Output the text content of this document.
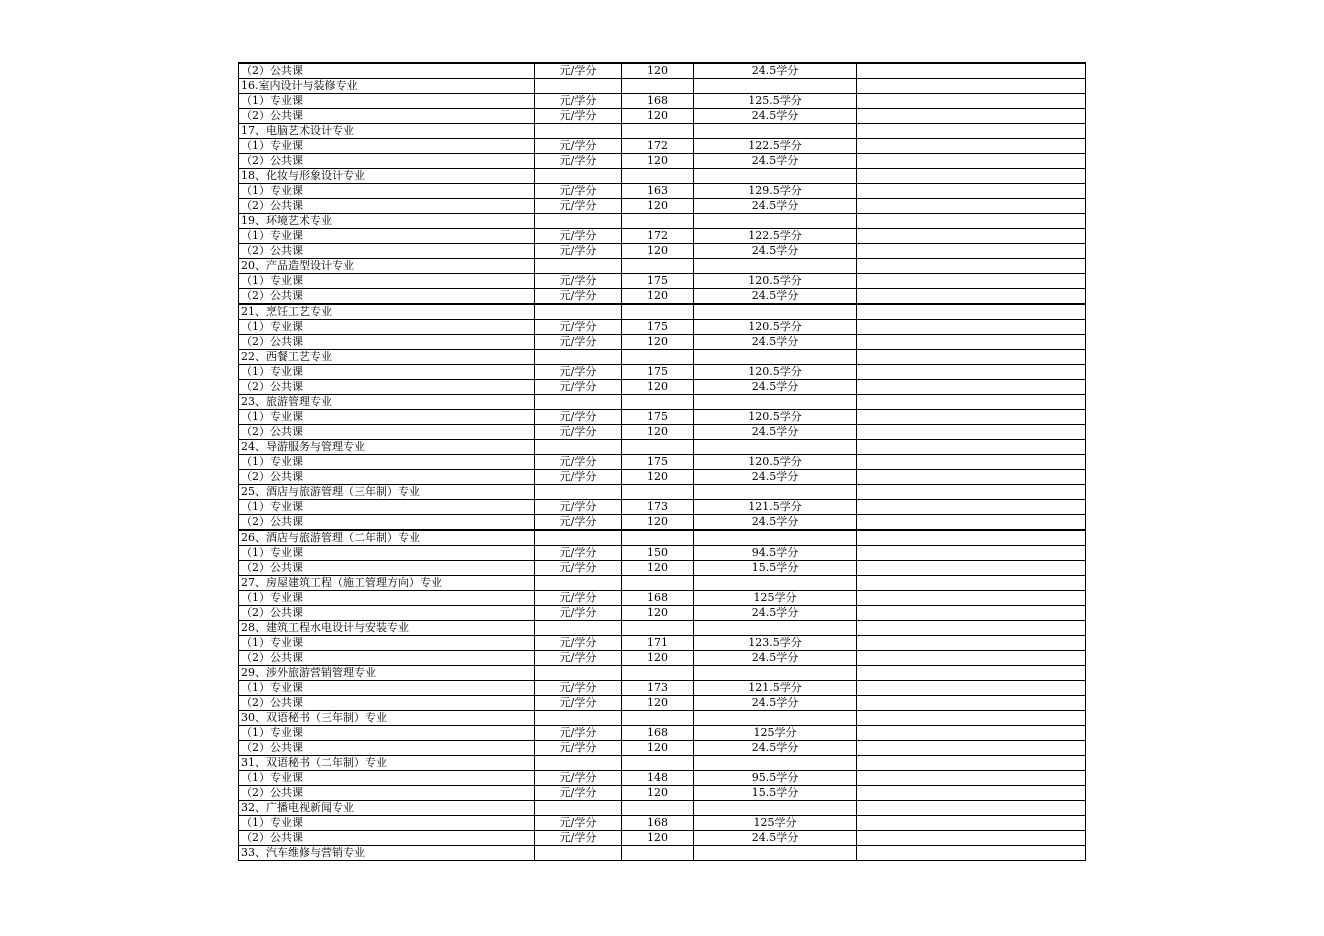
（2）公共课	元/学分	120	24.5学分	
16.室内设计与装修专业				
（1）专业课	元/学分	168	125.5学分	
（2）公共课	元/学分	120	24.5学分	
17、电脑艺术设计专业				
（1）专业课	元/学分	172	122.5学分	
（2）公共课	元/学分	120	24.5学分	
18、化妆与形象设计专业				
（1）专业课	元/学分	163	129.5学分	
（2）公共课	元/学分	120	24.5学分	
19、环境艺术专业				
（1）专业课	元/学分	172	122.5学分	
（2）公共课	元/学分	120	24.5学分	
20、产品造型设计专业				
（1）专业课	元/学分	175	120.5学分	
（2）公共课	元/学分	120	24.5学分	
21、烹饪工艺专业				
（1）专业课	元/学分	175	120.5学分	
（2）公共课	元/学分	120	24.5学分	
22、西餐工艺专业				
（1）专业课	元/学分	175	120.5学分	
（2）公共课	元/学分	120	24.5学分	
23、旅游管理专业				
（1）专业课	元/学分	175	120.5学分	
（2）公共课	元/学分	120	24.5学分	
24、导游服务与管理专业				
（1）专业课	元/学分	175	120.5学分	
（2）公共课	元/学分	120	24.5学分	
25、酒店与旅游管理（三年制）专业				
（1）专业课	元/学分	173	121.5学分	
（2）公共课	元/学分	120	24.5学分	
26、酒店与旅游管理（二年制）专业				
（1）专业课	元/学分	150	94.5学分	
（2）公共课	元/学分	120	15.5学分	
27、房屋建筑工程（施工管理方向）专业				
（1）专业课	元/学分	168	125学分	
（2）公共课	元/学分	120	24.5学分	
28、建筑工程水电设计与安装专业				
（1）专业课	元/学分	171	123.5学分	
（2）公共课	元/学分	120	24.5学分	
29、涉外旅游营销管理专业				
（1）专业课	元/学分	173	121.5学分	
（2）公共课	元/学分	120	24.5学分	
30、双语秘书（三年制）专业				
（1）专业课	元/学分	168	125学分	
（2）公共课	元/学分	120	24.5学分	
31、双语秘书（二年制）专业				
（1）专业课	元/学分	148	95.5学分	
（2）公共课	元/学分	120	15.5学分	
32、广播电视新闻专业				
（1）专业课	元/学分	168	125学分	
（2）公共课	元/学分	120	24.5学分	
33、汽车维修与营销专业				
